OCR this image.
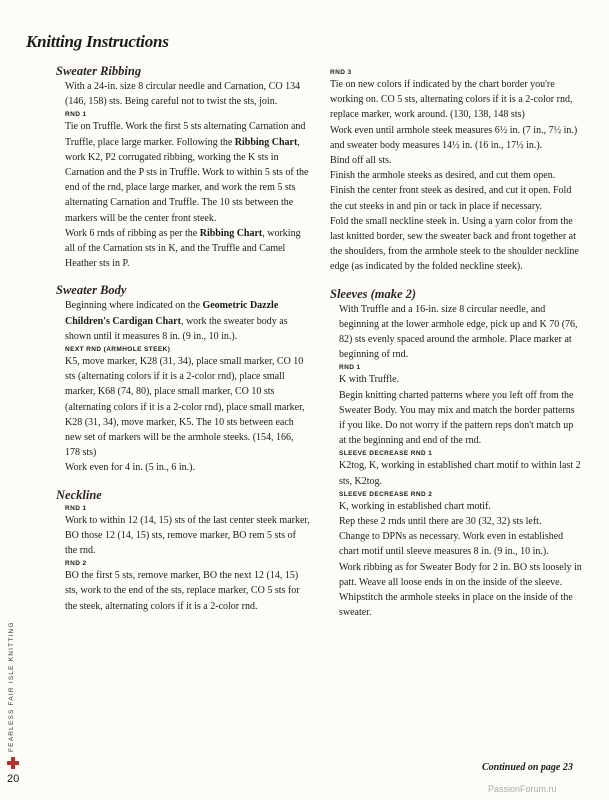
Knitting Instructions
Sweater Ribbing

With a 24-in. size 8 circular needle and Carnation, CO 134 (146, 158) sts. Being careful not to twist the sts, join.

RND 1

Tie on Truffle. Work the first 5 sts alternating Carnation and Truffle, place large marker. Following the Ribbing Chart, work K2, P2 corrugated ribbing, working the K sts in Carnation and the P sts in Truffle. Work to within 5 sts of the end of the rnd, place large marker, and work the rem 5 sts alternating Carnation and Truffle. The 10 sts between the markers will be the center front steek.

Work 6 rnds of ribbing as per the Ribbing Chart, working all of the Carnation sts in K, and the Truffle and Camel Heather sts in P.

Sweater Body

Beginning where indicated on the Geometric Dazzle Children's Cardigan Chart, work the sweater body as shown until it measures 8 in. (9 in., 10 in.).

NEXT RND (ARMHOLE STEEK)

K5, move marker, K28 (31, 34), place small marker, CO 10 sts (alternating colors if it is a 2-color rnd), place small marker, K68 (74, 80), place small marker, CO 10 sts (alternating colors if it is a 2-color rnd), place small marker, K28 (31, 34), move marker, K5. The 10 sts between each new set of markers will be the armhole steeks. (154, 166, 178 sts)

Work even for 4 in. (5 in., 6 in.).

Neckline
RND 1

Work to within 12 (14, 15) sts of the last center steek marker, BO those 12 (14, 15) sts, remove marker, BO rem 5 sts of the rnd.

RND 2

BO the first 5 sts, remove marker, BO the next 12 (14, 15) sts, work to the end of the sts, replace marker, CO 5 sts for the steek, alternating colors if it is a 2-color rnd.

RND 3

Tie on new colors if indicated by the chart border you're working on. CO 5 sts, alternating colors if it is a 2-color rnd, replace marker, work around. (130, 138, 148 sts)

Work even until armhole steek measures 6½ in. (7 in., 7½ in.) and sweater body measures 14½ in. (16 in., 17½ in.).

Bind off all sts.

Finish the armhole steeks as desired, and cut them open. Finish the center front steek as desired, and cut it open. Fold the cut steeks in and pin or tack in place if necessary.

Fold the small neckline steek in. Using a yarn color from the last knitted border, sew the sweater back and front together at the shoulders, from the armhole steek to the shoulder neckline edge (as indicated by the folded neckline steek).

Sleeves (make 2)

With Truffle and a 16-in. size 8 circular needle, and beginning at the lower armhole edge, pick up and K 70 (76, 82) sts evenly spaced around the armhole. Place marker at beginning of rnd.

RND 1

K with Truffle.

Begin knitting charted patterns where you left off from the Sweater Body. You may mix and match the border patterns if you like. Do not worry if the pattern reps don't match up at the beginning and end of the rnd.

SLEEVE DECREASE RND 1

K2tog, K, working in established chart motif to within last 2 sts, K2tog.

SLEEVE DECREASE RND 2

K, working in established chart motif.

Rep these 2 rnds until there are 30 (32, 32) sts left.

Change to DPNs as necessary. Work even in established chart motif until sleeve measures 8 in. (9 in., 10 in.).

Work ribbing as for Sweater Body for 2 in. BO sts loosely in patt. Weave all loose ends in on the inside of the sleeve. Whipstitch the armhole steeks in place on the inside of the sweater.

Continued on page 23
FEARLESS FAIR ISLE KNITTING
20
PassionForum.ru
